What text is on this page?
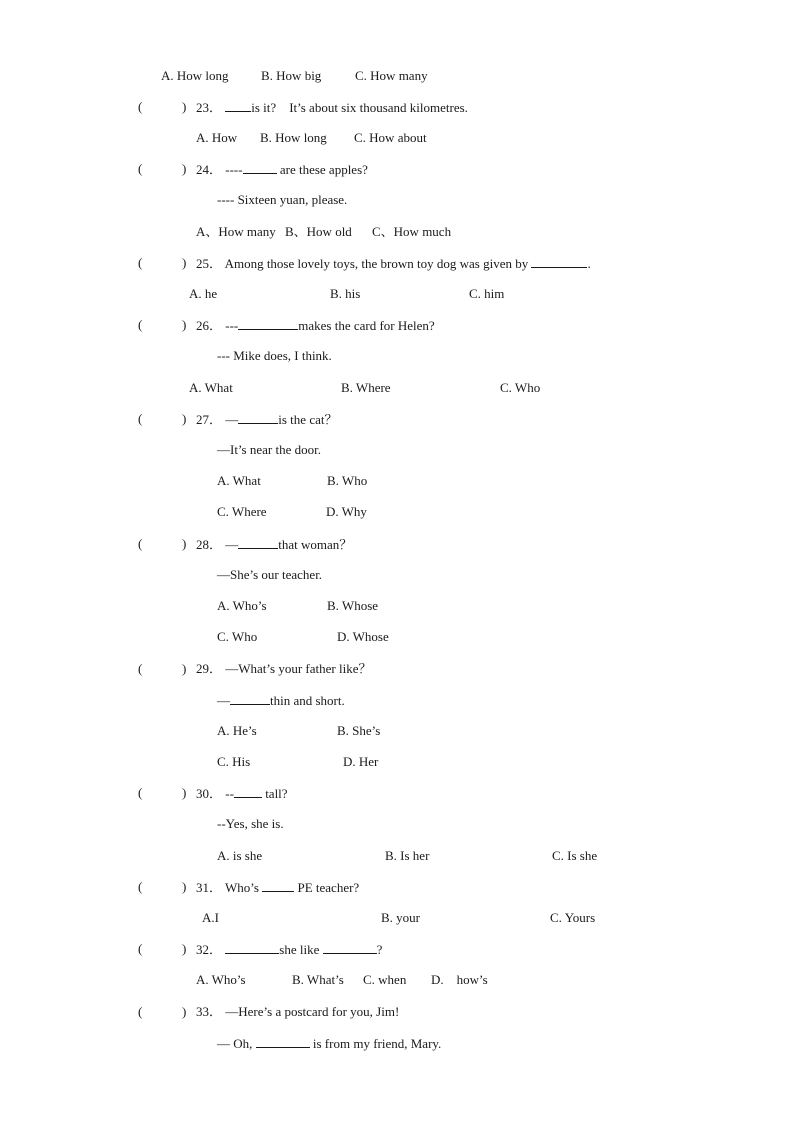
A. How long B. How big	C. How many
(	) 23． is it? It’s about six thousand kilometres.
A. How B. How long C. How about
(	) 24． ----	are these apples?
---- Sixteen yuan, please.
A、How many B、How old C、How much
(	) 25． Among those lovely toys, the brown toy dog was given by	.
A. he	B. his	C. him
(	) 26． ---	makes the card for Helen?
--- Mike does, I think.
A. What	B. Where	C. Who
(	) 27． —	is the cat？
—It’s near the door.
A. What	B. Who
C. Where	D. Why
(	) 28． —	that woman？
—She’s our teacher.
A. Who’s	B. Whose
C. Who	D. Whose
(	) 29． —What’s your father like？
—	thin and short.
A. He’s	B. She’s
C. His	D. Her
(	) 30． -- tall?
--Yes, she is.
A. is she	B. Is her	C. Is she
(	) 31． Who’s	PE teacher?
A.I	B. your	C. Yours
(	) 32．	she like	?
A. Who’s	B. What’s C. when D.    how’s
(	) 33． —Here’s a postcard for you, Jim!
— Oh,	is from my friend, Mary.
